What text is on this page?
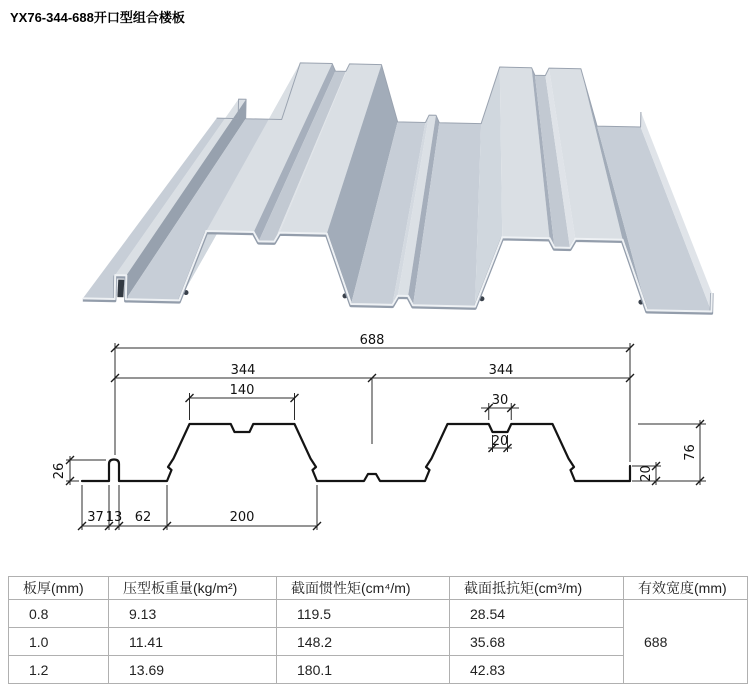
YX76-344-688开口型组合楼板
688
344	344
140
30
20
26
37 13 62	200
20
76
板厚(mm)	压型板重量(kg/m²)	截面惯性矩(cm⁴/m)	截面抵抗矩(cm³/m)	有效宽度(mm)
0.8	9.13	119.5	28.54	688
1.0	11.41	148.2	35.68	
1.2	13.69	180.1	42.83	
